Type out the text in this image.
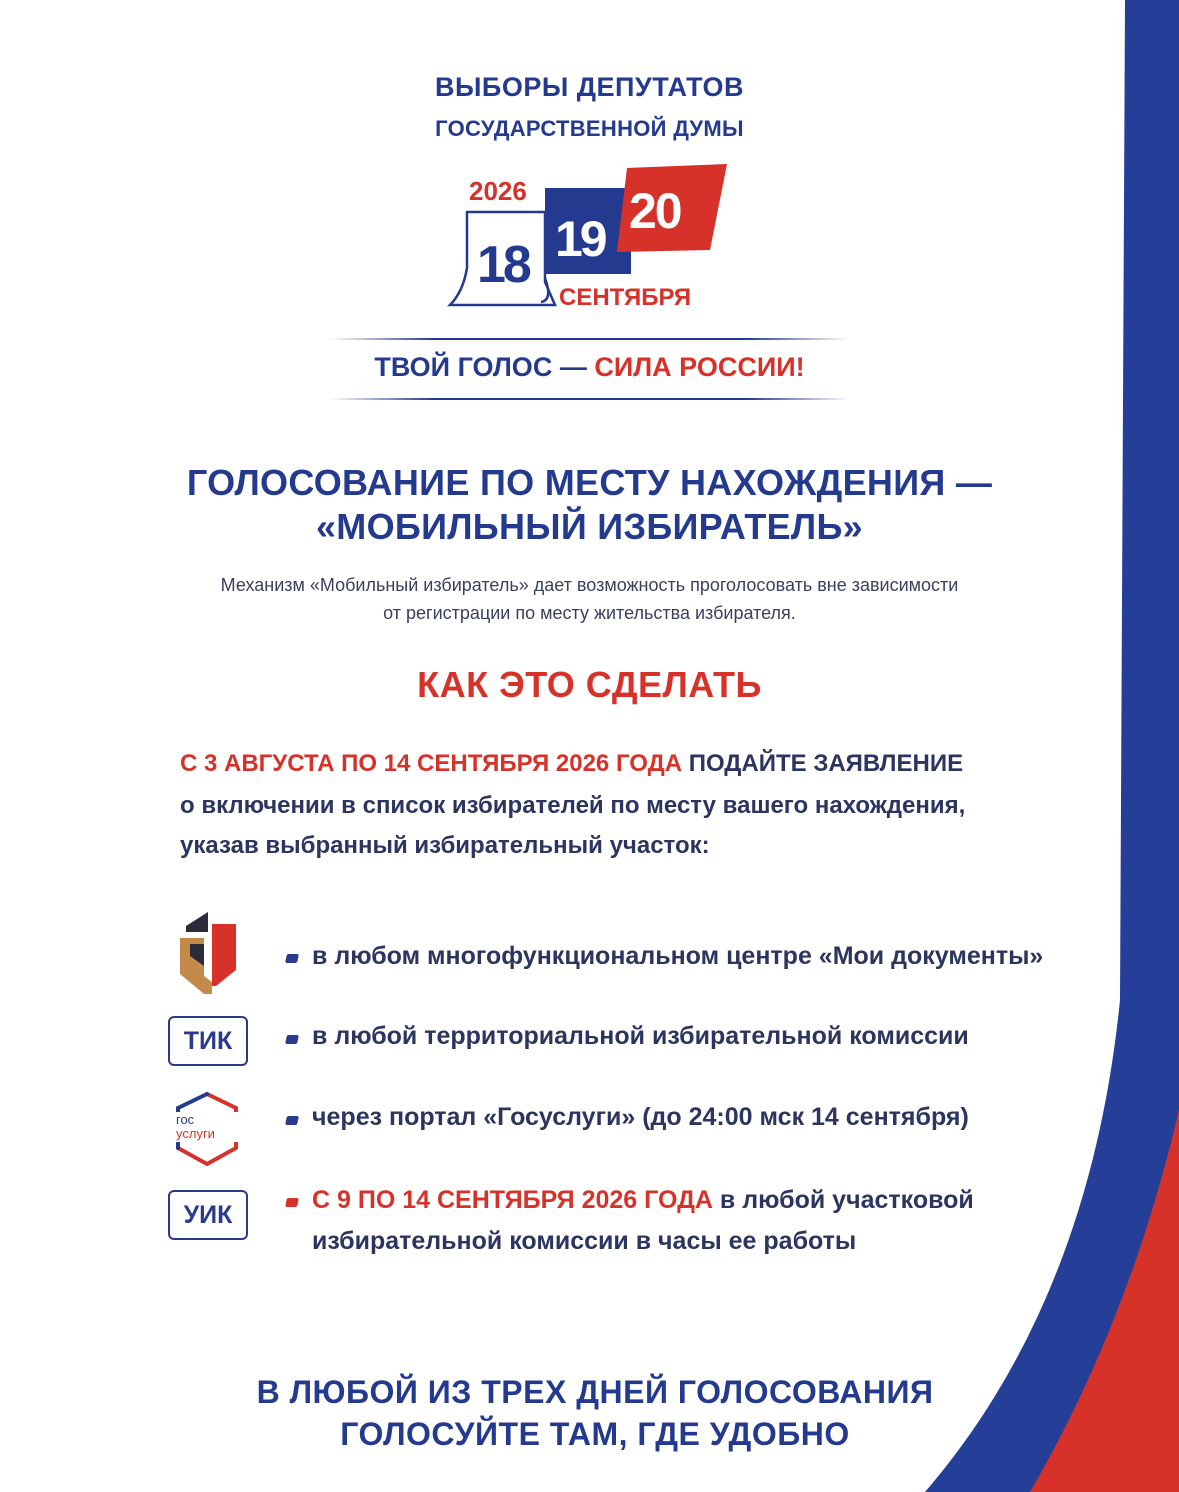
ВЫБОРЫ ДЕПУТАТОВ
ГОСУДАРСТВЕННОЙ ДУМЫ
2026
18 19 20
СЕНТЯБРЯ
ТВОЙ ГОЛОС — СИЛА РОССИИ!
ГОЛОСОВАНИЕ ПО МЕСТУ НАХОЖДЕНИЯ —
«МОБИЛЬНЫЙ ИЗБИРАТЕЛЬ»
Механизм «Мобильный избиратель» дает возможность проголосовать вне зависимости
от регистрации по месту жительства избирателя.
КАК ЭТО СДЕЛАТЬ
С 3 АВГУСТА ПО 14 СЕНТЯБРЯ 2026 ГОДА ПОДАЙТЕ ЗАЯВЛЕНИЕ
о включении в список избирателей по месту вашего нахождения,
указав выбранный избирательный участок:
в любом многофункциональном центре «Мои документы»
ТИК	в любой территориальной избирательной комиссии
гос
услуги
через портал «Госуслуги» (до 24:00 мск 14 сентября)
УИК
С 9 ПО 14 СЕНТЯБРЯ 2026 ГОДА в любой участковой
избирательной комиссии в часы ее работы
В ЛЮБОЙ ИЗ ТРЕХ ДНЕЙ ГОЛОСОВАНИЯ
ГОЛОСУЙТЕ ТАМ, ГДЕ УДОБНО
